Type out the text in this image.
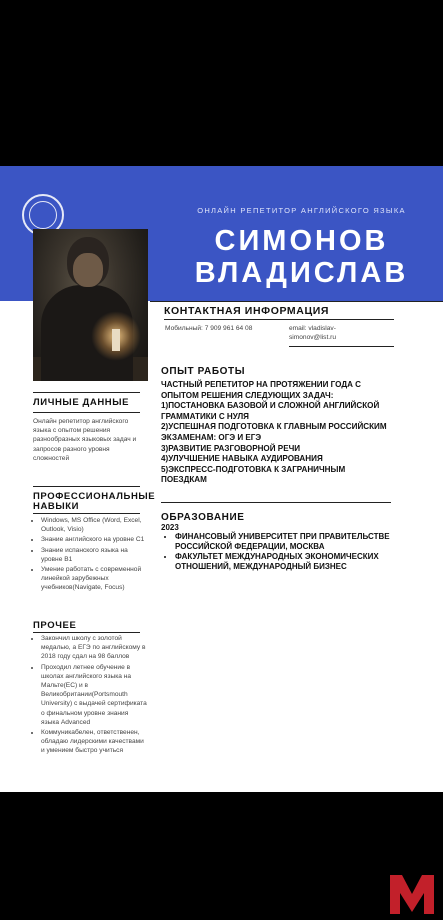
ОНЛАЙН РЕПЕТИТОР АНГЛИЙСКОГО ЯЗЫКА
СИМОНОВ
ВЛАДИСЛАВ
КОНТАКТНАЯ ИНФОРМАЦИЯ
Мобильный: 7 909 961 64 08	email: vladislav-
simonov@list.ru
ОПЫТ РАБОТЫ
ЧАСТНЫЙ РЕПЕТИТОР НА ПРОТЯЖЕНИИ ГОДА С
ОПЫТОМ РЕШЕНИЯ СЛЕДУЮЩИХ ЗАДАЧ:
1)ПОСТАНОВКА БАЗОВОЙ И СЛОЖНОЙ АНГЛИЙСКОЙ
ГРАММАТИКИ С НУЛЯ
2)УСПЕШНАЯ ПОДГОТОВКА К ГЛАВНЫМ РОССИЙСКИМ
ЭКЗАМЕНАМ: ОГЭ И ЕГЭ
3)РАЗВИТИЕ РАЗГОВОРНОЙ РЕЧИ
4)УЛУЧШЕНИЕ НАВЫКА АУДИРОВАНИЯ
5)ЭКСПРЕСС-ПОДГОТОВКА К ЗАГРАНИЧНЫМ
ПОЕЗДКАМ
ОБРАЗОВАНИЕ
2023
• ФИНАНСОВЫЙ УНИВЕРСИТЕТ ПРИ ПРАВИТЕЛЬСТВЕ РОССИЙСКОЙ ФЕДЕРАЦИИ, МОСКВА
• ФАКУЛЬТЕТ МЕЖДУНАРОДНЫХ ЭКОНОМИЧЕСКИХ ОТНОШЕНИЙ, МЕЖДУНАРОДНЫЙ БИЗНЕС
ЛИЧНЫЕ ДАННЫЕ
Онлайн репетитор английского языка с опытом решения разнообразных языковых задач и запросов разного уровня сложностей
ПРОФЕССИОНАЛЬНЫЕ НАВЫКИ
• Windows, MS Office (Word, Excel, Outlook, Visio)
• Знание английского на уровне С1
• Знание испанского языка на уровне B1
• Умение работать с современной линейкой зарубежных учебников(Navigate, Focus)
ПРОЧЕЕ
• Закончил школу с золотой медалью, а ЕГЭ по английскому в 2018 году сдал на 98 баллов
• Проходил летнее обучение в школах английского языка на Мальте(EC) и в Великобритании(Portsmouth University) с выдачей сертификата о финальном уровне знания языка Advanced
• Коммуникабелен, ответственен, обладаю лидерскими качествами и умением быстро учиться
